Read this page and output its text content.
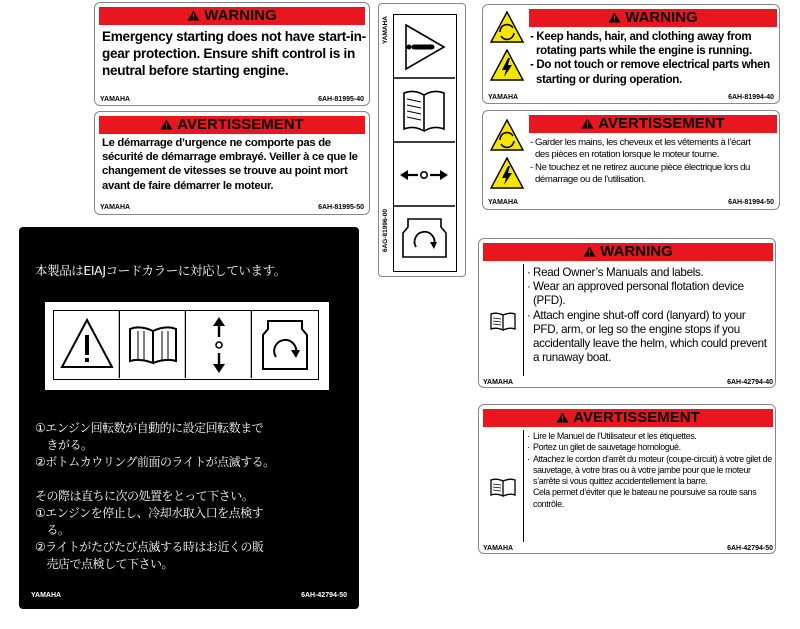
WARNING
Emergency starting does not have start-in-gear protection. Ensure shift control is in neutral before starting engine.
YAMAHA	6AH-81995-40
AVERTISSEMENT
Le démarrage d’urgence ne comporte pas de sécurité de démarrage embrayé. Veiller à ce que le changement de vitesses se trouve au point mort avant de faire démarrer le moteur.
YAMAHA	6AH-81995-50
YAMAHA
6AG-81996-00
WARNING
- Keep hands, hair, and clothing away from
rotating parts while the engine is running.
- Do not touch or remove electrical parts when
starting or during operation.
YAMAHA	6AH-81994-40
AVERTISSEMENT
- Garder les mains, les cheveux et les vêtements à l’écart
des pièces en rotation lorsque le moteur tourne.
- Ne touchez et ne retirez aucune pièce électrique lors du
démarrage ou de l’utilisation.
YAMAHA	6AH-81994-50
WARNING
· Read Owner’s Manuals and labels.
· Wear an approved personal flotation device (PFD).
· Attach engine shut-off cord (lanyard) to your PFD, arm, or leg so the engine stops if you accidentally leave the helm, which could prevent a runaway boat.
YAMAHA	6AH-42794-40
AVERTISSEMENT
· Lire le Manuel de l’Utilisateur et les étiquettes.
· Portez un gilet de sauvetage homologué.
· Attachez le cordon d’arrêt du moteur (coupe-circuit) à votre gilet de sauvetage, à votre bras ou à votre jambe pour que le moteur s’arrête si vous quittez accidentellement la barre.
Cela permet d’éviter que le bateau ne poursuive sa route sans contrôle.
YAMAHA	6AH-42794-50
本製品はEIAJコードカラーに対応しています。
①エンジン回転数が自動的に設定回転数まで
　きがる。
②ボトムカウリング前面のライトが点滅する。
その際は直ちに次の処置をとって下さい。
①エンジンを停止し、冷却水取入口を点検す
　る。
②ライトがたびたび点滅する時はお近くの販
　売店で点検して下さい。
YAMAHA	6AH-42794-50
